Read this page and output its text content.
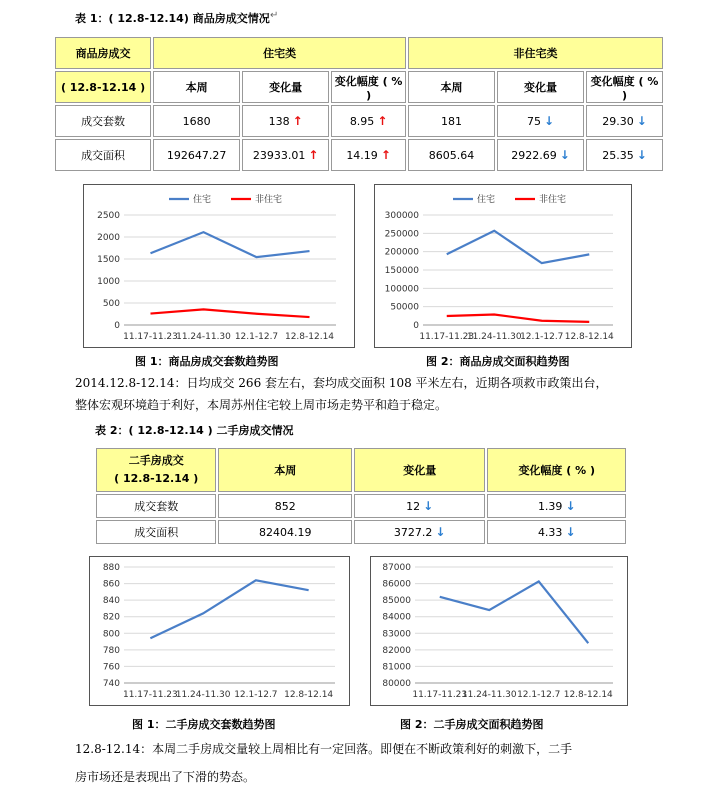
表 1：( 12.8-12.14) 商品房成交情况 ↵
商品房成交	住宅类			非住宅类		
( 12.8-12.14 )	本周	变化量	变化幅度 ( % )	本周	变化量	变化幅度 ( % )
成交套数	1680	138 ↑	8.95 ↑	181	75 ↓	29.30 ↓

成交面积	192647.27	23933.01 ↑	14.19 ↑	8605.64	2922.69 ↓	25.35 ↓
0
500
1000
1500
2000
2500
11.17-11.23
11.24-11.30 12.1-12.7 12.8-12.14
住宅	非住宅
0
50000
100000
150000
200000
250000
300000
11.17-11.23
11.24-11.30
12.1-12.7 12.8-12.14
住宅	非住宅
图 1：商品房成交套数趋势图	图 2：商品房成交面积趋势图
2014.12.8-12.14：日均成交 266 套左右，套均成交面积 108 平米左右，近期各项救市政策出台，
整体宏观环境趋于利好，本周苏州住宅较上周市场走势平和趋于稳定。
表 2：( 12.8-12.14 ) 二手房成交情况
二手房成交
( 12.8-12.14 )	本周	变化量	变化幅度 ( % )
成交套数	852	12 ↓	1.39 ↓

成交面积	82404.19	3727.2 ↓	4.33 ↓
740
760
780
800
820
840
860
880
11.17-11.23
11.24-11.30 12.1-12.7 12.8-12.14
80000
81000
82000
83000
84000
85000
86000
87000
11.17-11.23
11.24-11.30 12.1-12.7 12.8-12.14
图 1：二手房成交套数趋势图	图 2：二手房成交面积趋势图
12.8-12.14：本周二手房成交量较上周相比有一定回落。即便在不断政策利好的刺激下，二手
房市场还是表现出了下滑的势态。
